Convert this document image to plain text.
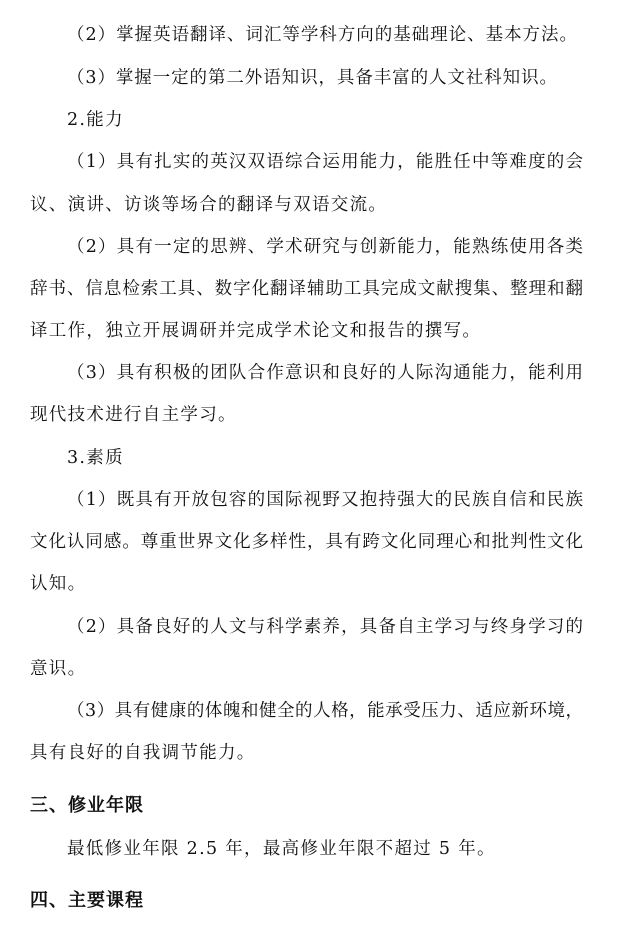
（2）掌握英语翻译、词汇等学科方向的基础理论、基本方法。
（3）掌握一定的第二外语知识，具备丰富的人文社科知识。
2.能力
（1）具有扎实的英汉双语综合运用能力，能胜任中等难度的会
议、演讲、访谈等场合的翻译与双语交流。
（2）具有一定的思辨、学术研究与创新能力，能熟练使用各类
辞书、信息检索工具、数字化翻译辅助工具完成文献搜集、整理和翻
译工作，独立开展调研并完成学术论文和报告的撰写。
（3）具有积极的团队合作意识和良好的人际沟通能力，能利用
现代技术进行自主学习。
3.素质
（1）既具有开放包容的国际视野又抱持强大的民族自信和民族
文化认同感。尊重世界文化多样性，具有跨文化同理心和批判性文化
认知。
（2）具备良好的人文与科学素养，具备自主学习与终身学习的
意识。
（3）具有健康的体魄和健全的人格，能承受压力、适应新环境，
具有良好的自我调节能力。
三、修业年限
最低修业年限 2.5 年，最高修业年限不超过 5 年。
四、主要课程
